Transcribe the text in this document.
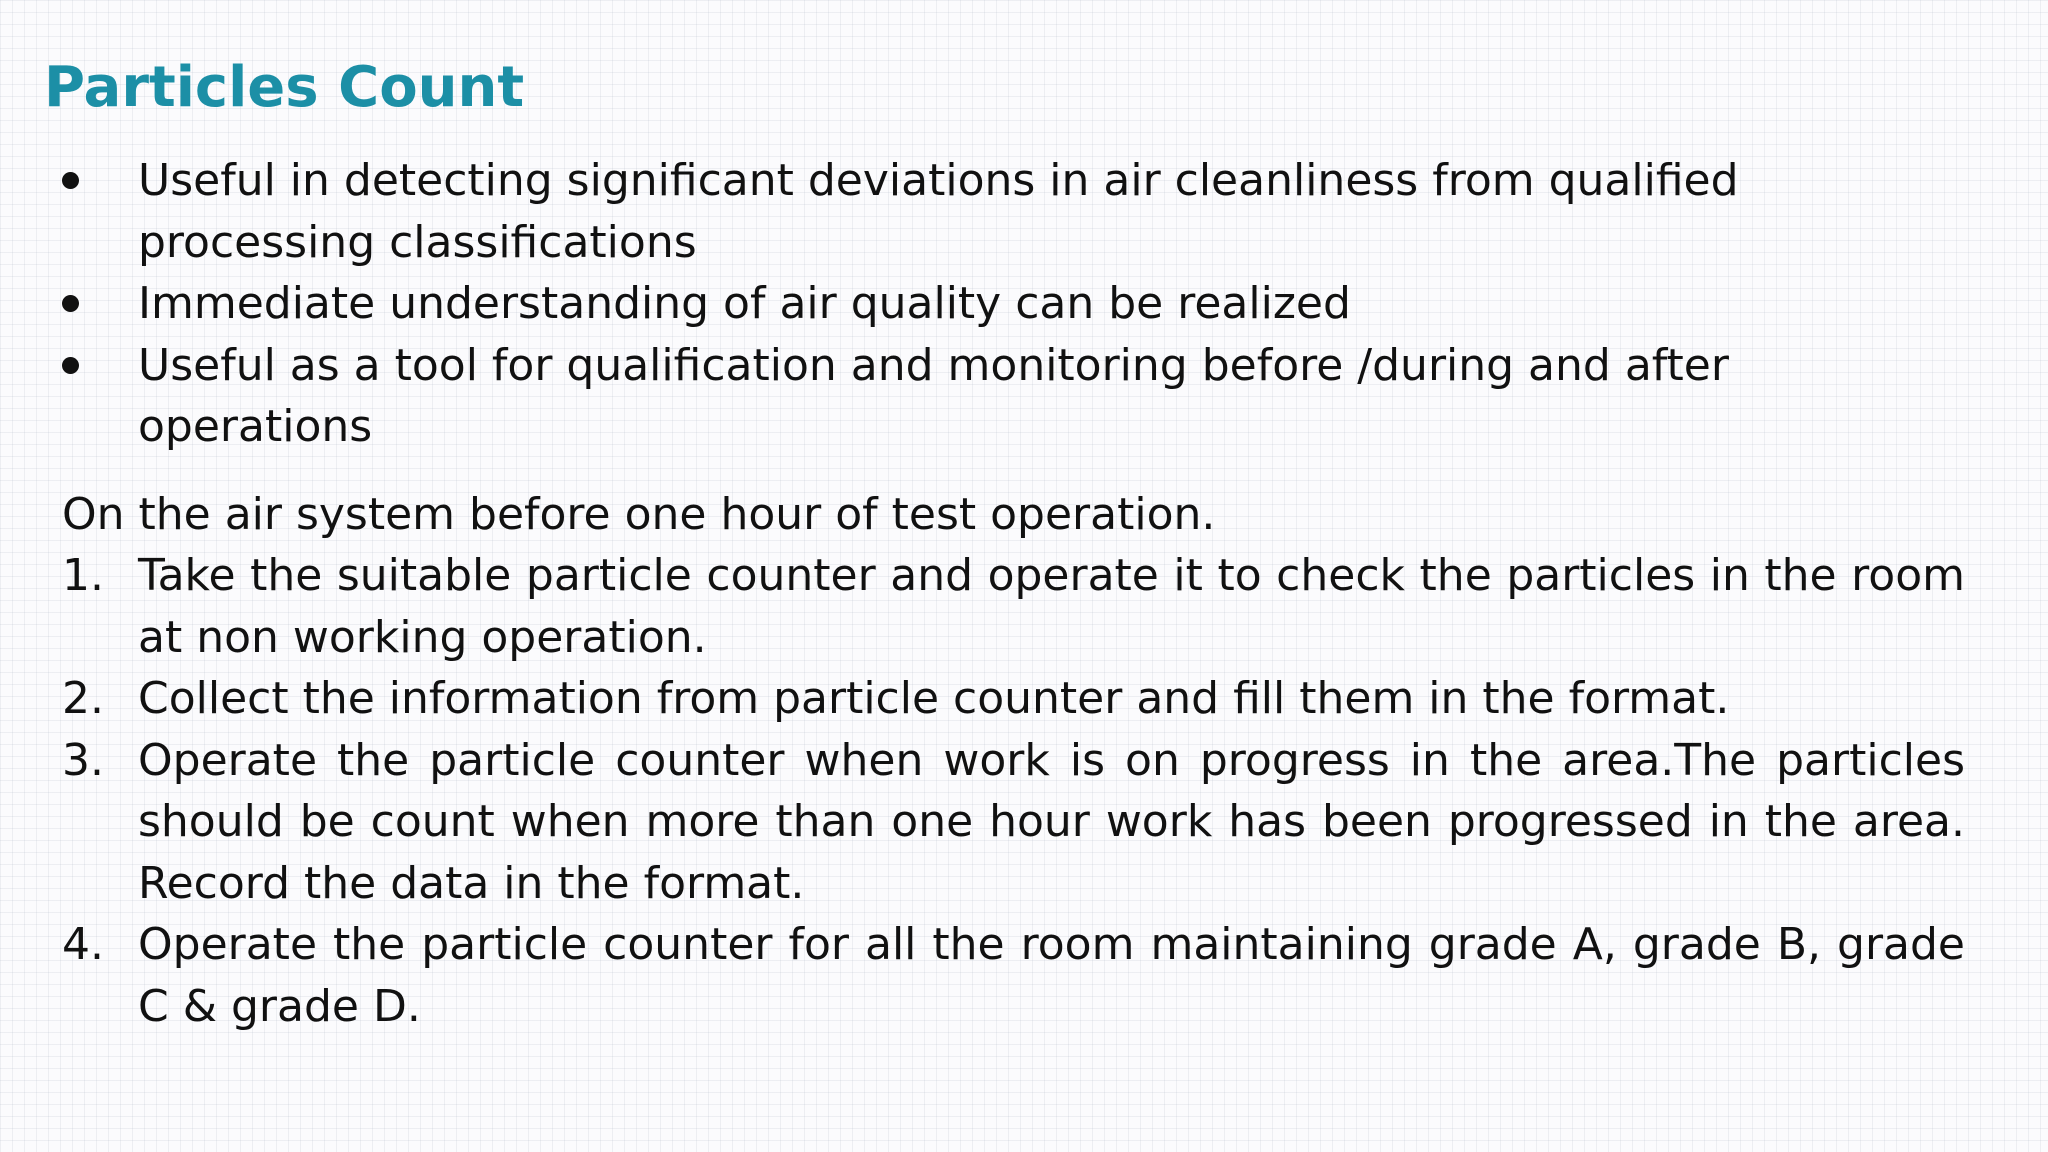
Particles Count
Useful in detecting significant deviations in air cleanliness from qualified processing classifications
Immediate understanding of air quality can be realized
Useful as a tool for qualification and monitoring before /during and after operations

On the air system before one hour of test operation.

1. Take the suitable particle counter and operate it to check the particles in the room at non working operation.
2. Collect the information from particle counter and fill them in the format.
3. Operate the particle counter when work is on progress in the area.The particles should be count when more than one hour work has been progressed in the area. Record the data in the format.
4. Operate the particle counter for all the room maintaining grade A, grade B, grade C & grade D.
